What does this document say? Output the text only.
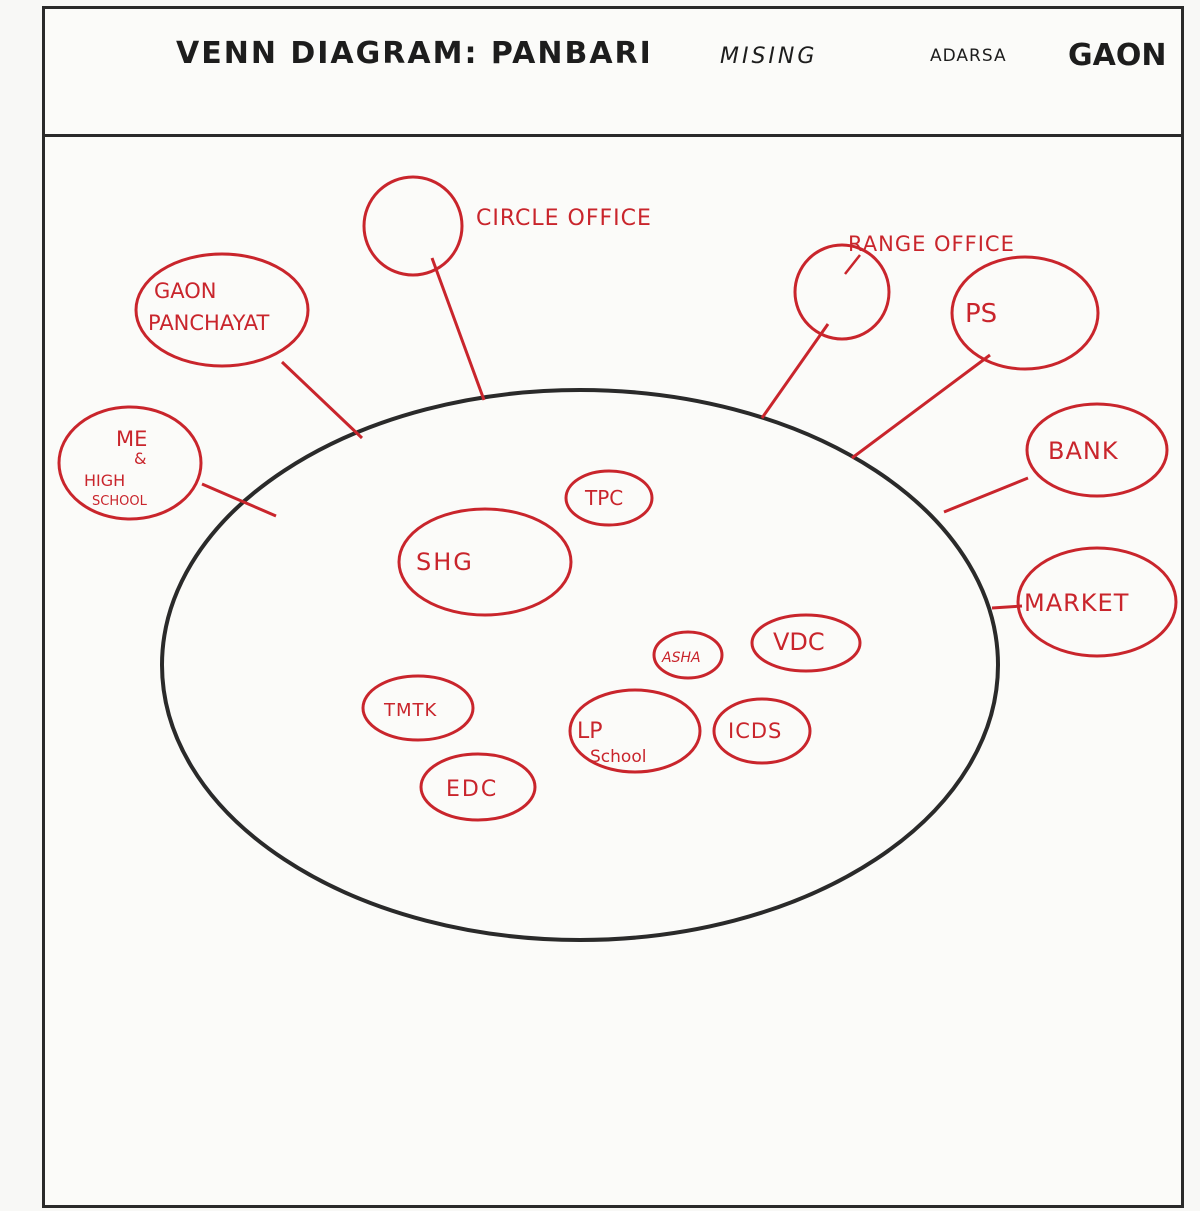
VENN DIAGRAM: PANBARI	MISING	ADARSA GAON
CIRCLE OFFICE
GAON
PANCHAYAT
ME
&
HIGH
SCHOOL
RANGE OFFICE
PS
BANK
MARKET
TPC
SHG
ASHA
VDC
TMTK
LP
School
ICDS
EDC
